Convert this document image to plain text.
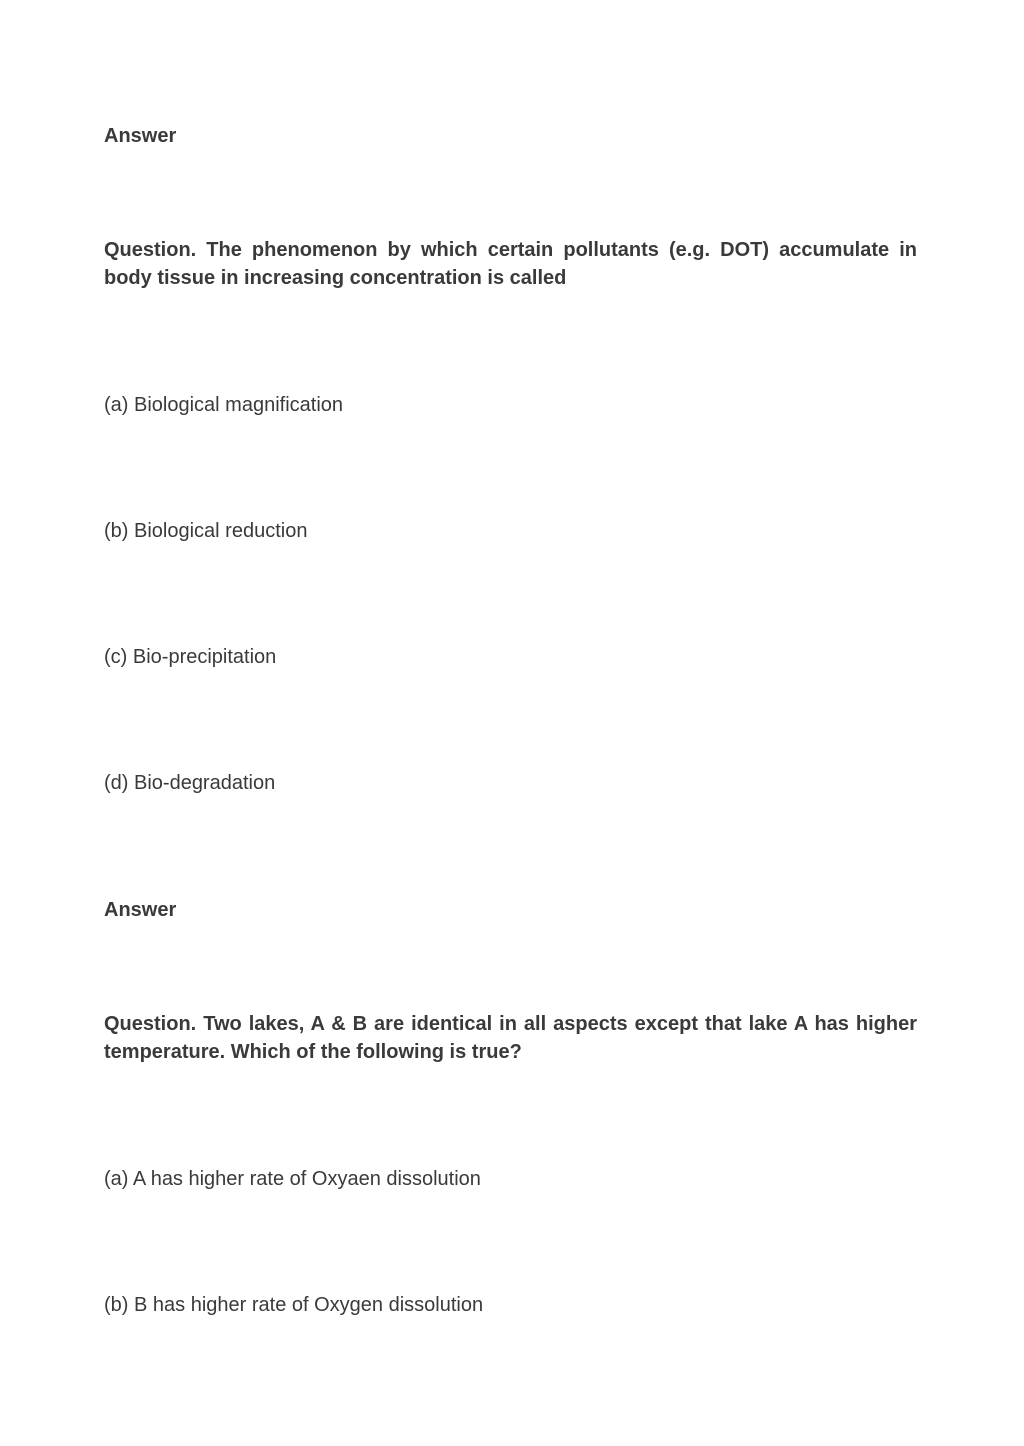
Answer

Question. The phenomenon by which certain pollutants (e.g. DOT) accumulate in body tissue in increasing concentration is called

(a) Biological magnification

(b) Biological reduction

(c) Bio-precipitation

(d) Bio-degradation

Answer

Question. Two lakes, A & B are identical in all aspects except that lake A has higher temperature. Which of the following is true?

(a) A has higher rate of Oxyaen dissolution

(b) B has higher rate of Oxygen dissolution
